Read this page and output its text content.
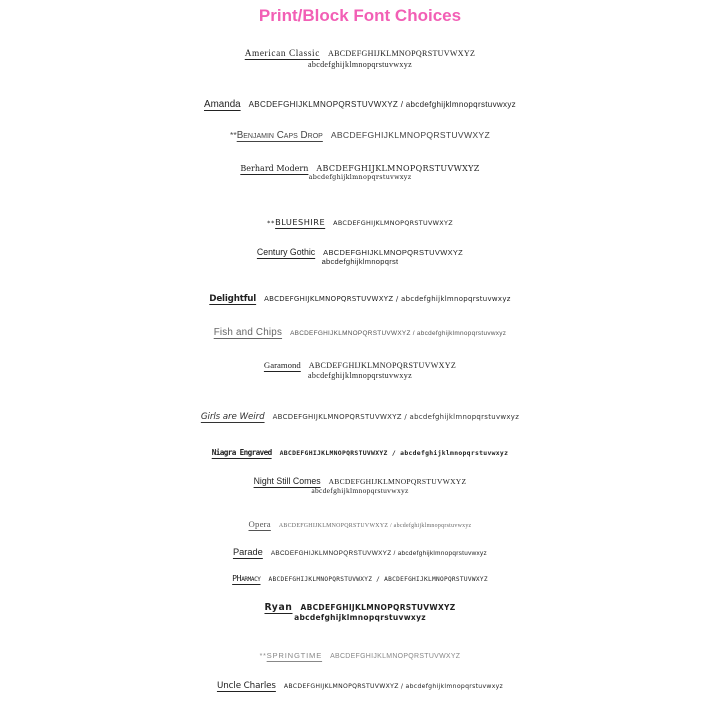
Print/Block Font Choices
American Classic ABCDEFGHIJKLMNOPQRSTUVWXYZ
abcdefghijklmnopqrstuvwxyz
Amanda ABCDEFGHIJKLMNOPQRSTUVWXYZ / abcdefghijklmnopqrstuvwxyz
**Benjamin Caps Drop ABCDEFGHIJKLMNOPQRSTUVWXYZ
Berhard Modern ABCDEFGHIJKLMNOPQRSTUVWXYZ
abcdefghijklmnopqrstuvwxyz
**BLUESHIRE ABCDEFGHIJKLMNOPQRSTUVWXYZ
Century Gothic ABCDEFGHIJKLMNOPQRSTUVWXYZ
abcdefghijklmnopqrst
Delightful ABCDEFGHIJKLMNOPQRSTUVWXYZ / abcdefghijklmnopqrstuvwxyz
Fish and Chips ABCDEFGHIJKLMNOPQRSTUVWXYZ / abcdefghijklmnopqrstuvwxyz
Garamond ABCDEFGHIJKLMNOPQRSTUVWXYZ
abcdefghijklmnopqrstuvwxyz
Girls are Weird ABCDEFGHIJKLMNOPQRSTUVWXYZ / abcdefghijklmnopqrstuvwxyz
Niagra Engraved ABCDEFGHIJKLMNOPQRSTUVWXYZ / abcdefghijklmnopqrstuvwxyz
Night Still Comes ABCDEFGHIJKLMNOPQRSTUVWXYZ
abcdefghijklmnopqrstuvwxyz
Opera ABCDEFGHIJKLMNOPQRSTUVWXYZ / abcdefghijklmnopqrstuvwxyz
Parade ABCDEFGHIJKLMNOPQRSTUVWXYZ / abcdefghijklmnopqrstuvwxyz
PHarmacy ABCDEFGHIJKLMNOPQRSTUVWXYZ / ABCDEFGHIJKLMNOPQRSTUVWXYZ
Ryan ABCDEFGHIJKLMNOPQRSTUVWXYZ
abcdefghijklmnopqrstuvwxyz
**SPRINGTIME ABCDEFGHIJKLMNOPQRSTUVWXYZ
Uncle Charles ABCDEFGHIJKLMNOPQRSTUVWXYZ / abcdefghijklmnopqrstuvwxyz
